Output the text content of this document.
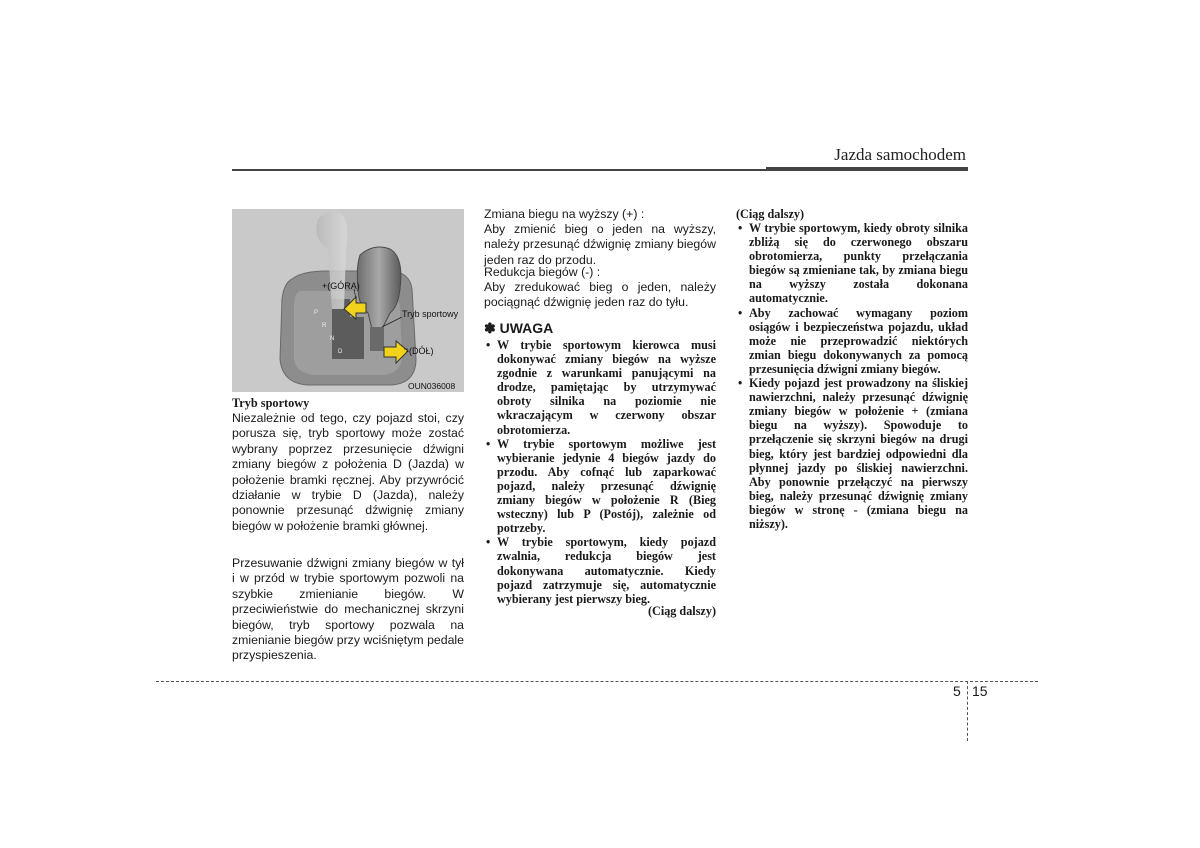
Jazda samochodem
P
R
N
D
+(GÓRA)
Tryb sportowy
-(DÓŁ)
OUN036008
Tryb sportowy
Niezależnie od tego, czy pojazd stoi, czy porusza się, tryb sportowy może zostać wybrany poprzez przesunięcie dźwigni zmiany biegów z położenia D (Jazda) w położenie bramki ręcznej. Aby przywrócić działanie w trybie D (Jazda), należy ponownie przesunąć dźwignię zmiany biegów w położenie bramki głównej.
Przesuwanie dźwigni zmiany biegów w tył i w przód w trybie sportowym pozwoli na szybkie zmienianie biegów. W przeciwieństwie do mechanicznej skrzyni biegów, tryb sportowy pozwala na zmienianie biegów przy wciśniętym pedale przyspieszenia.
Zmiana biegu na wyższy (+) :
Aby zmienić bieg o jeden na wyższy, należy przesunąć dźwignię zmiany biegów jeden raz do przodu.
Redukcja biegów (-) :
Aby zredukować bieg o jeden, należy pociągnąć dźwignię jeden raz do tyłu.
✽ UWAGA
• W trybie sportowym kierowca musi dokonywać zmiany biegów na wyższe zgodnie z warunkami panującymi na drodze, pamiętając by utrzymywać obroty silnika na poziomie nie wkraczającym w czerwony obszar obrotomierza.
• W trybie sportowym możliwe jest wybieranie jedynie 4 biegów jazdy do przodu. Aby cofnąć lub zaparkować pojazd, należy przesunąć dźwignię zmiany biegów w położenie R (Bieg wsteczny) lub P (Postój), zależnie od potrzeby.
• W trybie sportowym, kiedy pojazd zwalnia, redukcja biegów jest dokonywana automatycznie. Kiedy pojazd zatrzymuje się, automatycznie wybierany jest pierwszy bieg.
(Ciąg dalszy)
(Ciąg dalszy)
• W trybie sportowym, kiedy obroty silnika zbliżą się do czerwonego obszaru obrotomierza, punkty przełączania biegów są zmieniane tak, by zmiana biegu na wyższy została dokonana automatycznie.
• Aby zachować wymagany poziom osiągów i bezpieczeństwa pojazdu, układ może nie przeprowadzić niektórych zmian biegu dokonywanych za pomocą przesunięcia dźwigni zmiany biegów.
• Kiedy pojazd jest prowadzony na śliskiej nawierzchni, należy przesunąć dźwignię zmiany biegów w położenie + (zmiana biegu na wyższy). Spowoduje to przełączenie się skrzyni biegów na drugi bieg, który jest bardziej odpowiedni dla płynnej jazdy po śliskiej nawierzchni. Aby ponownie przełączyć na pierwszy bieg, należy przesunąć dźwignię zmiany biegów w stronę - (zmiana biegu na niższy).
5 15
